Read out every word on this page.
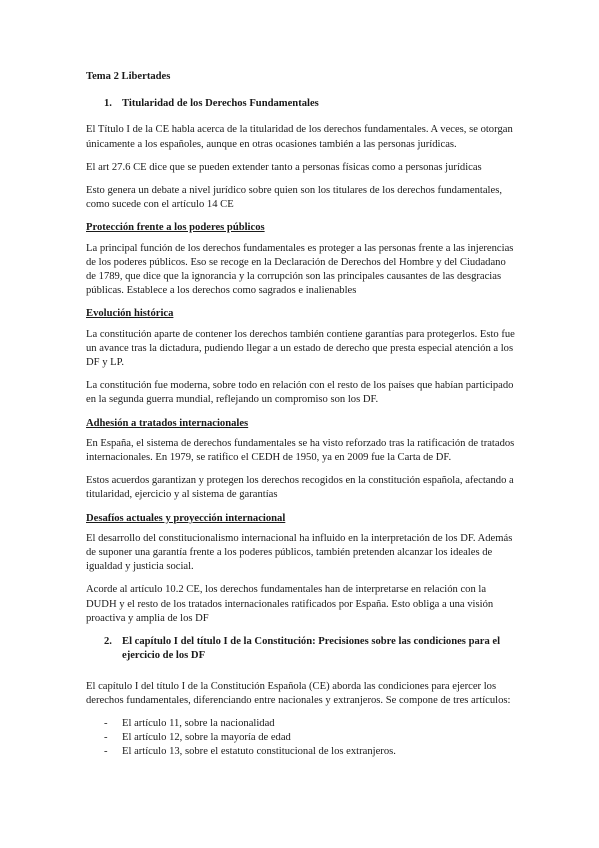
Tema 2 Libertades

1. Titularidad de los Derechos Fundamentales

El Título I de la CE habla acerca de la titularidad de los derechos fundamentales. A veces, se otorgan únicamente a los españoles, aunque en otras ocasiones también a las personas jurídicas.

El art 27.6 CE dice que se pueden extender tanto a personas físicas como a personas jurídicas

Esto genera un debate a nivel jurídico sobre quien son los titulares de los derechos fundamentales, como sucede con el artículo 14 CE

Protección frente a los poderes públicos

La principal función de los derechos fundamentales es proteger a las personas frente a las injerencias de los poderes públicos. Eso se recoge en la Declaración de Derechos del Hombre y del Ciudadano de 1789, que dice que la ignorancia y la corrupción son las principales causantes de las desgracias públicas. Establece a los derechos como sagrados e inalienables

Evolución histórica

La constitución aparte de contener los derechos también contiene garantías para protegerlos. Esto fue un avance tras la dictadura, pudiendo llegar a un estado de derecho que presta especial atención a los DF y LP.

La constitución fue moderna, sobre todo en relación con el resto de los países que habían participado en la segunda guerra mundial, reflejando un compromiso son los DF.

Adhesión a tratados internacionales

En España, el sistema de derechos fundamentales se ha visto reforzado tras la ratificación de tratados internacionales. En 1979, se ratifico el CEDH de 1950, ya en 2009 fue la Carta de DF.

Estos acuerdos garantizan y protegen los derechos recogidos en la constitución española, afectando a titularidad, ejercicio y al sistema de garantías

Desafíos actuales y proyección internacional

El desarrollo del constitucionalismo internacional ha influido en la interpretación de los DF. Además de suponer una garantía frente a los poderes públicos, también pretenden alcanzar los ideales de igualdad y justicia social.

Acorde al artículo 10.2 CE, los derechos fundamentales han de interpretarse en relación con la DUDH y el resto de los tratados internacionales ratificados por España. Esto obliga a una visión proactiva y amplia de los DF

2. El capítulo I del título I de la Constitución: Precisiones sobre las condiciones para el ejercicio de los DF

El capítulo I del título I de la Constitución Española (CE) aborda las condiciones para ejercer los derechos fundamentales, diferenciando entre nacionales y extranjeros. Se compone de tres artículos:

-	El artículo 11, sobre la nacionalidad
-	El artículo 12, sobre la mayoría de edad
-	El artículo 13, sobre el estatuto constitucional de los extranjeros.
